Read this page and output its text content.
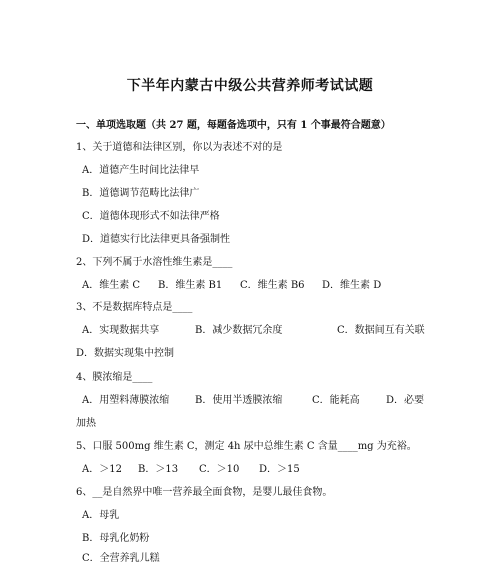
下半年内蒙古中级公共营养师考试试题
一、单项选取题（共 27 题，每题备选项中，只有 1 个事最符合题意）
1、关于道德和法律区别，你以为表述不对的是
A．道德产生时间比法律早
B．道德调节范畴比法律广
C．道德体现形式不如法律严格
D．道德实行比法律更具备强制性
2、下列不属于水溶性维生素是____
A．维生素 C B．维生素 B1 C．维生素 B6 D．维生素 D
3、不是数据库特点是____
A．实现数据共享	B．减少数据冗余度	C．数据间互有关联
D．数据实现集中控制
4、膜浓缩是____
A．用塑料薄膜浓缩	B．使用半透膜浓缩	C．能耗高	D．必要
加热
5、口服 500mg 维生素 C，测定 4h 尿中总维生素 C 含量____mg 为充裕。
A．＞12 B．＞13 C．＞10 D．＞15
6、__是自然界中唯一营养最全面食物，是婴儿最佳食物。
A．母乳
B．母乳化奶粉
C．全营养乳儿糕
